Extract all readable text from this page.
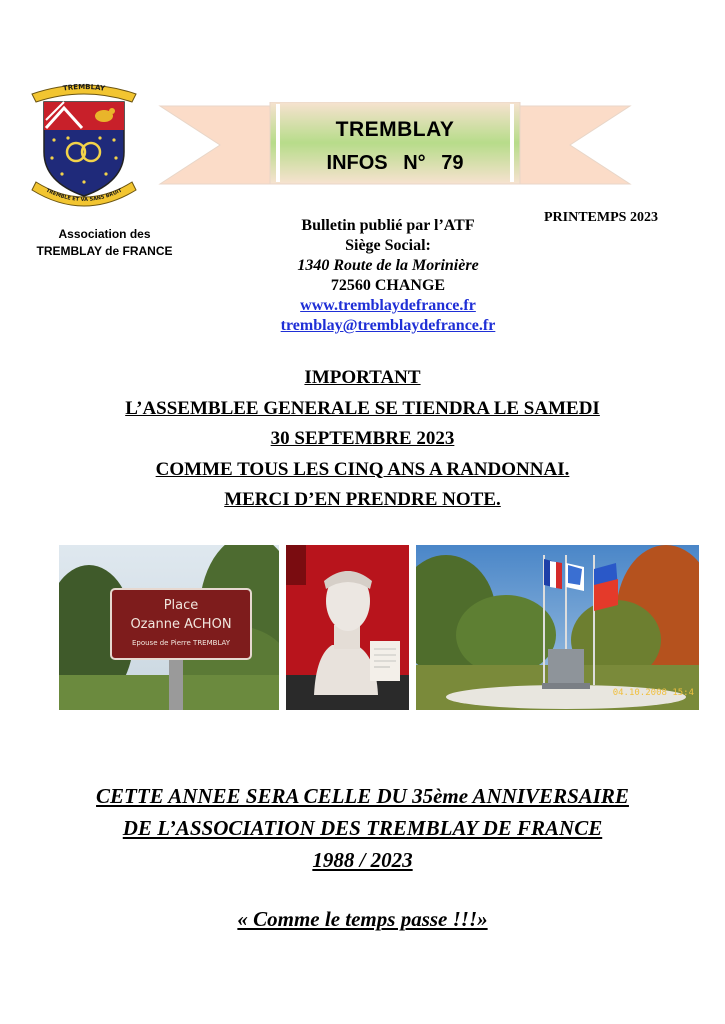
TREMBLAY
TREMBLE ET VA SANS BRUIT
Association des
TREMBLAY de FRANCE
TREMBLAY
INFOS N° 79
PRINTEMPS 2023
Bulletin publié par l’ATF
Siège Social:
1340 Route de la Morinière
72560 CHANGE
www.tremblaydefrance.fr
tremblay@tremblaydefrance.fr
IMPORTANT
L’ASSEMBLEE GENERALE SE TIENDRA LE SAMEDI
30 SEPTEMBRE 2023
COMME TOUS LES CINQ ANS A RANDONNAI.
MERCI D’EN PRENDRE NOTE.
Place
Ozanne ACHON
Epouse de Pierre TREMBLAY
04.10.2008 15:4
CETTE ANNEE SERA CELLE DU 35ème ANNIVERSAIRE
DE L’ASSOCIATION DES TREMBLAY DE FRANCE
1988 / 2023
« Comme le temps passe !!!»
